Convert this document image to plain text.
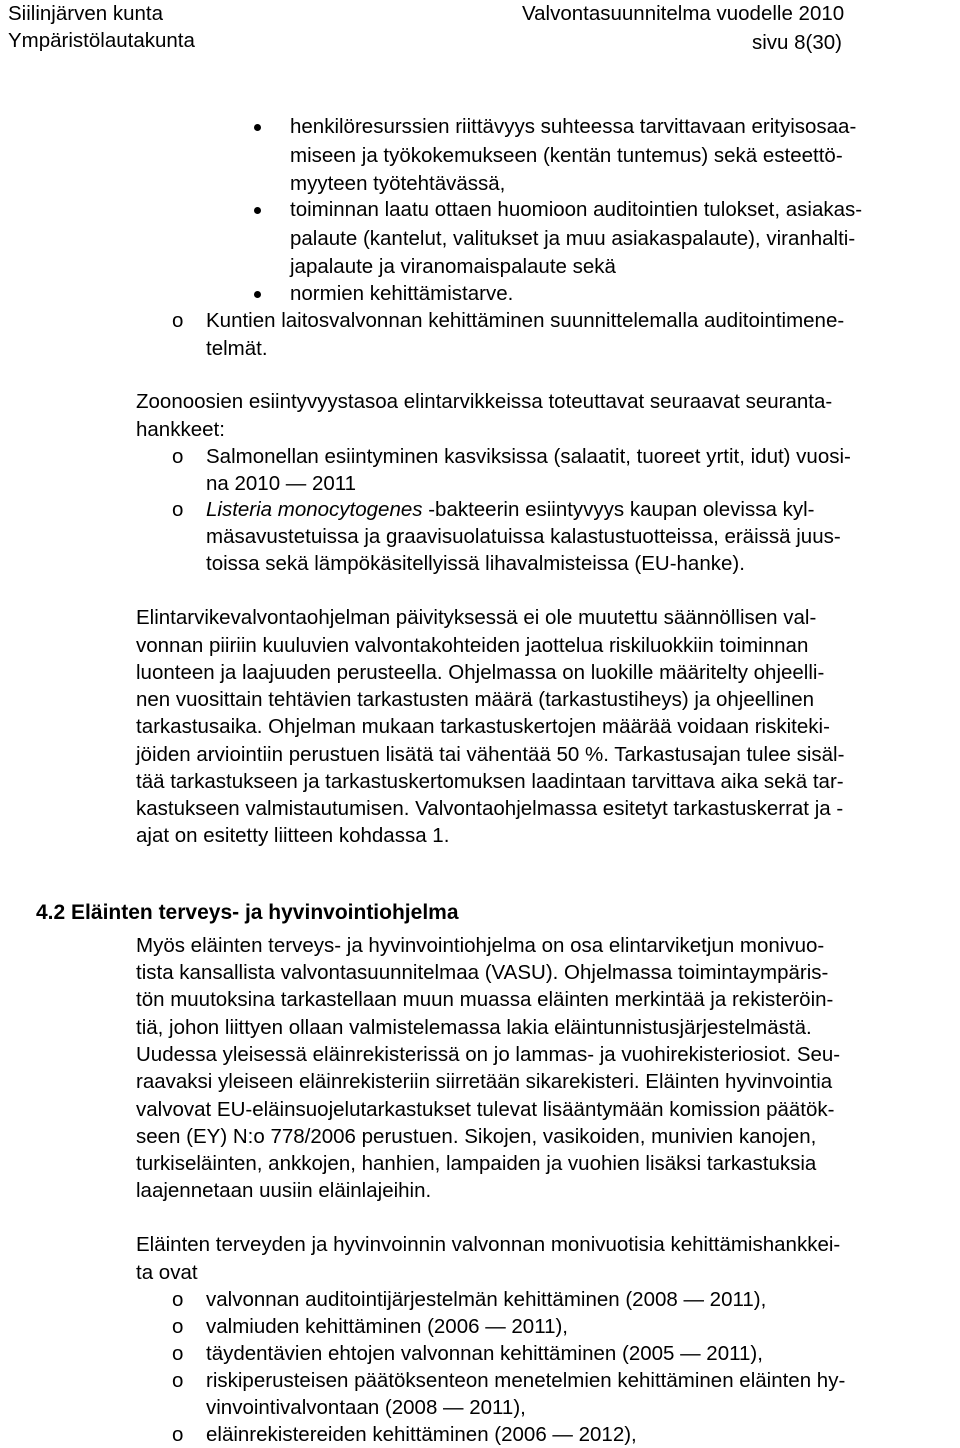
Siilinjärven kunta
Ympäristölautakunta
Valvontasuunnitelma vuodelle 2010
sivu 8(30)
henkilöresurssien riittävyys suhteessa tarvittavaan erityisosaa-
miseen ja työkokemukseen (kentän tuntemus) sekä esteettö-
myyteen työtehtävässä,
toiminnan laatu ottaen huomioon auditointien tulokset, asiakas-
palaute (kantelut, valitukset ja muu asiakaspalaute), viranhalti-
japalaute ja viranomaispalaute sekä
normien kehittämistarve.
o Kuntien laitosvalvonnan kehittäminen suunnittelemalla auditointimene-
telmät.
Zoonoosien esiintyvyystasoa elintarvikkeissa toteuttavat seuraavat seuranta-
hankkeet:
o Salmonellan esiintyminen kasviksissa (salaatit, tuoreet yrtit, idut) vuosi-
na 2010 — 2011
o Listeria monocytogenes -bakteerin esiintyvyys kaupan olevissa kyl-
mäsavustetuissa ja graavisuolatuissa kalastustuotteissa, eräissä juus-
toissa sekä lämpökäsitellyissä lihavalmisteissa (EU-hanke).
Elintarvikevalvontaohjelman päivityksessä ei ole muutettu säännöllisen val-
vonnan piiriin kuuluvien valvontakohteiden jaottelua riskiluokkiin toiminnan
luonteen ja laajuuden perusteella. Ohjelmassa on luokille määritelty ohjeelli-
nen vuosittain tehtävien tarkastusten määrä (tarkastustiheys) ja ohjeellinen
tarkastusaika. Ohjelman mukaan tarkastuskertojen määrää voidaan riskiteki-
jöiden arviointiin perustuen lisätä tai vähentää 50 %. Tarkastusajan tulee sisäl-
tää tarkastukseen ja tarkastuskertomuksen laadintaan tarvittava aika sekä tar-
kastukseen valmistautumisen. Valvontaohjelmassa esitetyt tarkastuskerrat ja -
ajat on esitetty liitteen kohdassa 1.
4.2 Eläinten terveys- ja hyvinvointiohjelma
Myös eläinten terveys- ja hyvinvointiohjelma on osa elintarviketjun monivuo-
tista kansallista valvontasuunnitelmaa (VASU). Ohjelmassa toimintaympäris-
tön muutoksina tarkastellaan muun muassa eläinten merkintää ja rekisteröin-
tiä, johon liittyen ollaan valmistelemassa lakia eläintunnistusjärjestelmästä.
Uudessa yleisessä eläinrekisterissä on jo lammas- ja vuohirekisteriosiot. Seu-
raavaksi yleiseen eläinrekisteriin siirretään sikarekisteri. Eläinten hyvinvointia
valvovat EU-eläinsuojelutarkastukset tulevat lisääntymään komission päätök-
seen (EY) N:o 778/2006 perustuen. Sikojen, vasikoiden, munivien kanojen,
turkiseläinten, ankkojen, hanhien, lampaiden ja vuohien lisäksi tarkastuksia
laajennetaan uusiin eläinlajeihin.
Eläinten terveyden ja hyvinvoinnin valvonnan monivuotisia kehittämishankkei-
ta ovat
o valvonnan auditointijärjestelmän kehittäminen (2008 — 2011),
o valmiuden kehittäminen (2006 — 2011),
o täydentävien ehtojen valvonnan kehittäminen (2005 — 2011),
o riskiperusteisen päätöksenteon menetelmien kehittäminen eläinten hy-
vinvointivalvontaan (2008 — 2011),
o eläinrekistereiden kehittäminen (2006 — 2012),
